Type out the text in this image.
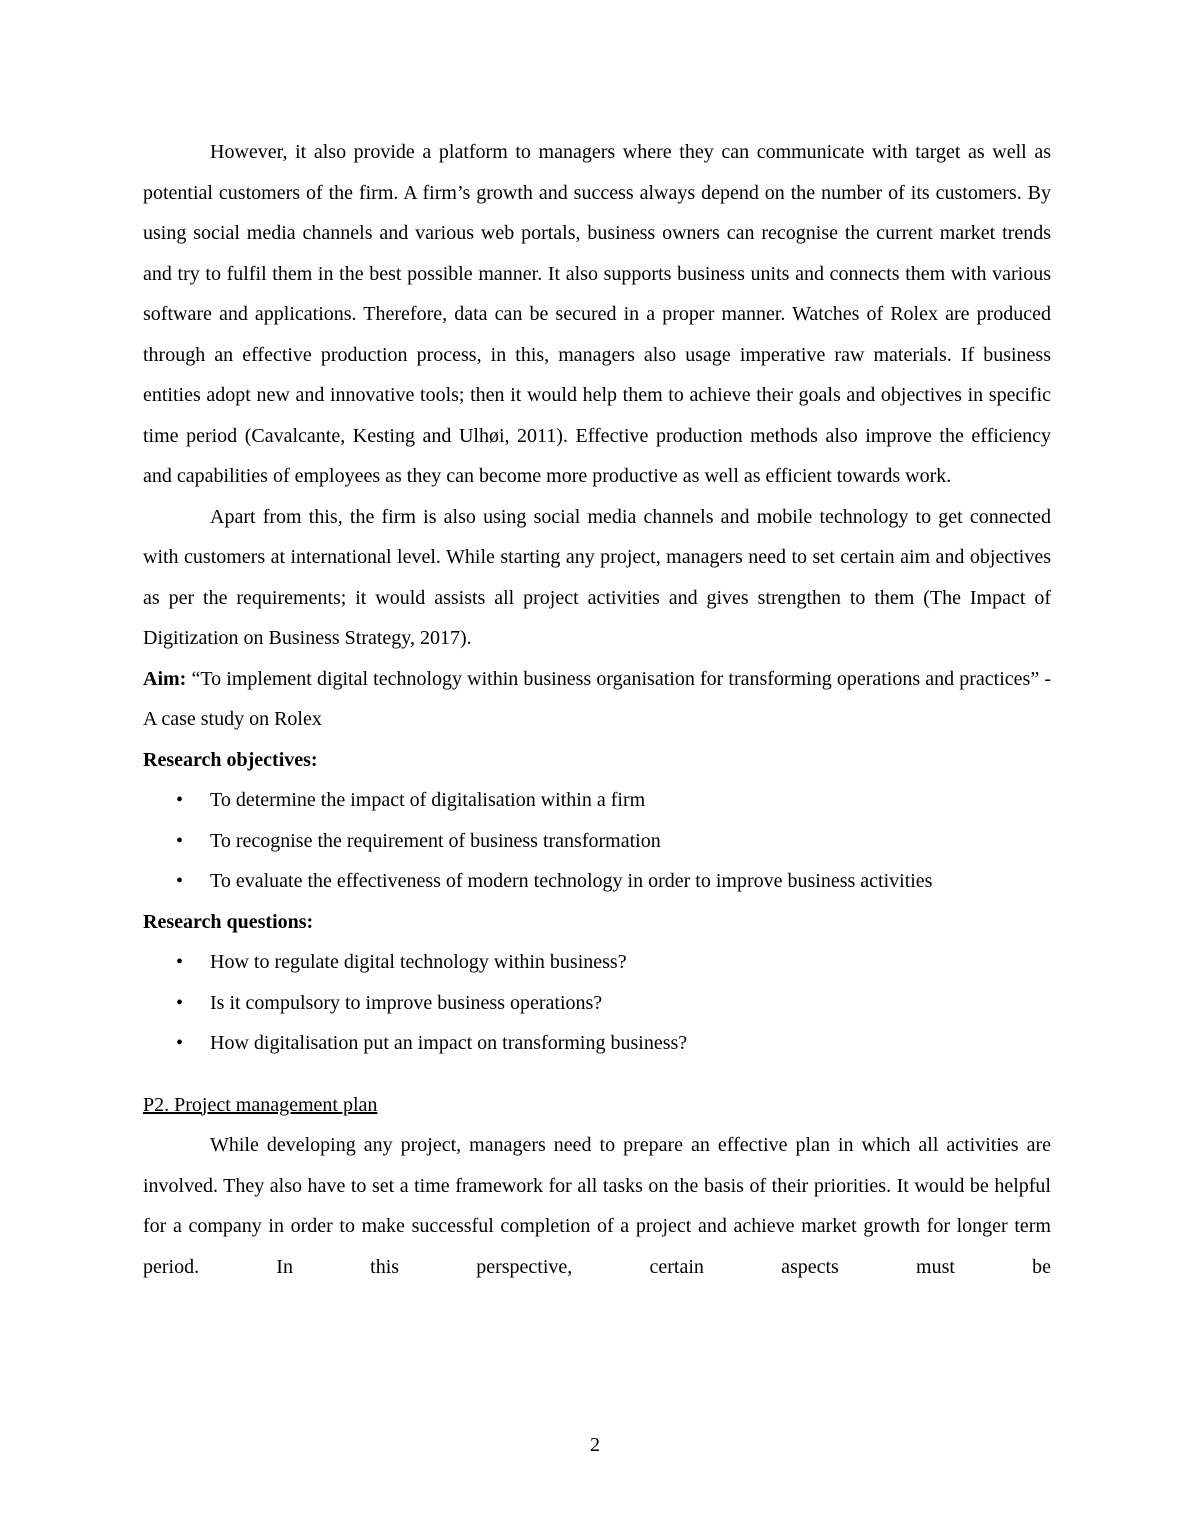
However, it also provide a platform to managers where they can communicate with target as well as potential customers of the firm. A firm’s growth and success always depend on the number of its customers. By using social media channels and various web portals, business owners can recognise the current market trends and try to fulfil them in the best possible manner. It also supports business units and connects them with various software and applications. Therefore, data can be secured in a proper manner. Watches of Rolex are produced through an effective production process, in this, managers also usage imperative raw materials. If business entities adopt new and innovative tools; then it would help them to achieve their goals and objectives in specific time period (Cavalcante, Kesting and Ulhøi, 2011). Effective production methods also improve the efficiency and capabilities of employees as they can become more productive as well as efficient towards work.

Apart from this, the firm is also using social media channels and mobile technology to get connected with customers at international level. While starting any project, managers need to set certain aim and objectives as per the requirements; it would assists all project activities and gives strengthen to them (The Impact of Digitization on Business Strategy, 2017).

Aim: “To implement digital technology within business organisation for transforming operations and practices” - A case study on Rolex

Research objectives:

• To determine the impact of digitalisation within a firm
• To recognise the requirement of business transformation
• To evaluate the effectiveness of modern technology in order to improve business activities

Research questions:

• How to regulate digital technology within business?
• Is it compulsory to improve business operations?
• How digitalisation put an impact on transforming business?

P2. Project management plan

While developing any project, managers need to prepare an effective plan in which all activities are involved. They also have to set a time framework for all tasks on the basis of their priorities. It would be helpful for a company in order to make successful completion of a project and achieve market growth for longer term period. In this perspective, certain aspects must be

2
